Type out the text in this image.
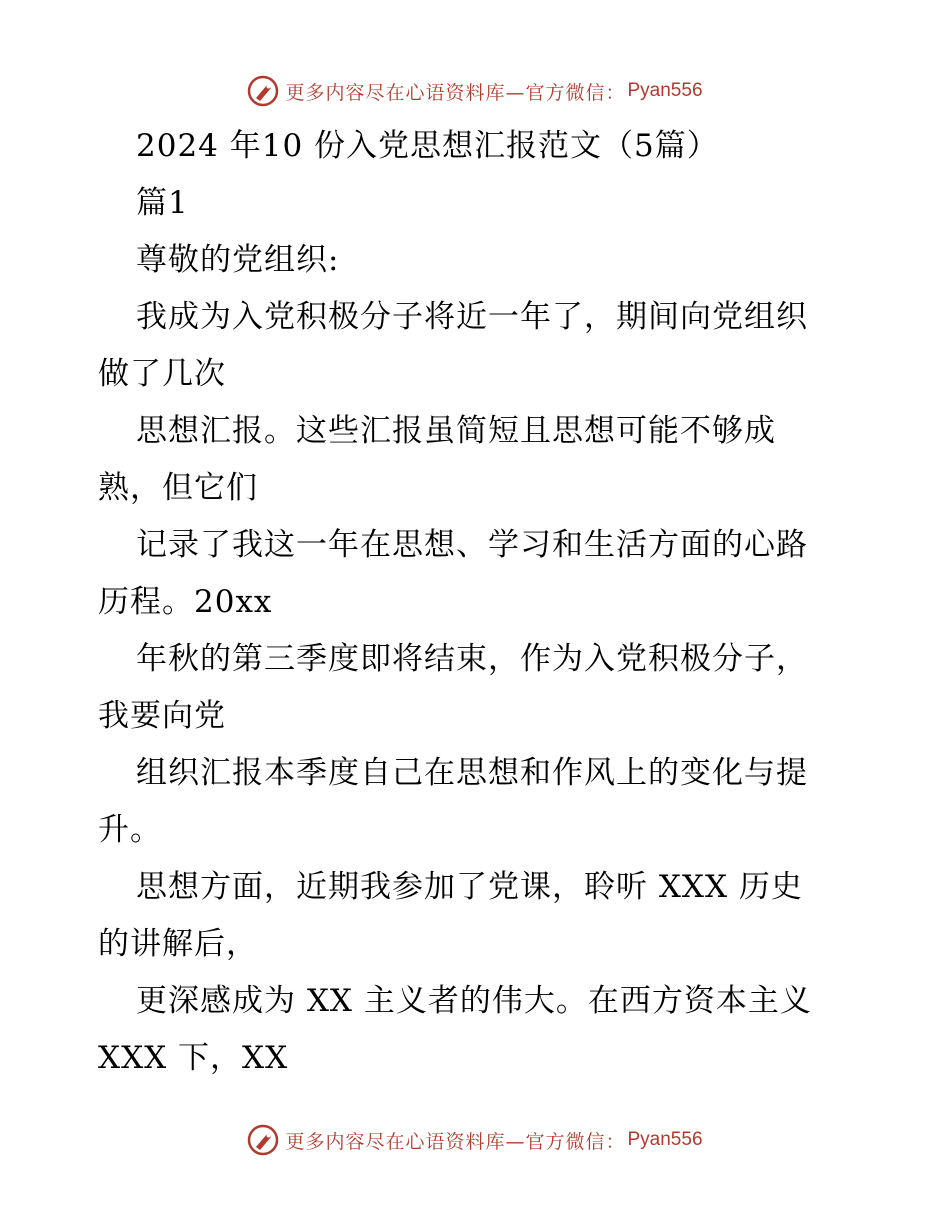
更多内容尽在心语资料库—官方微信： Pyan556
2024 年10 份入党思想汇报范文（5篇）
篇1
尊敬的党组织:
我成为入党积极分子将近一年了，期间向党组织
做了几次
思想汇报。这些汇报虽简短且思想可能不够成
熟，但它们
记录了我这一年在思想、学习和生活方面的心路
历程。20xx
年秋的第三季度即将结束，作为入党积极分子，
我要向党
组织汇报本季度自己在思想和作风上的变化与提
升。
思想方面，近期我参加了党课，聆听 XXX 历史
的讲解后，
更深感成为 XX 主义者的伟大。在西方资本主义
XXX 下，XX
更多内容尽在心语资料库—官方微信： Pyan556
